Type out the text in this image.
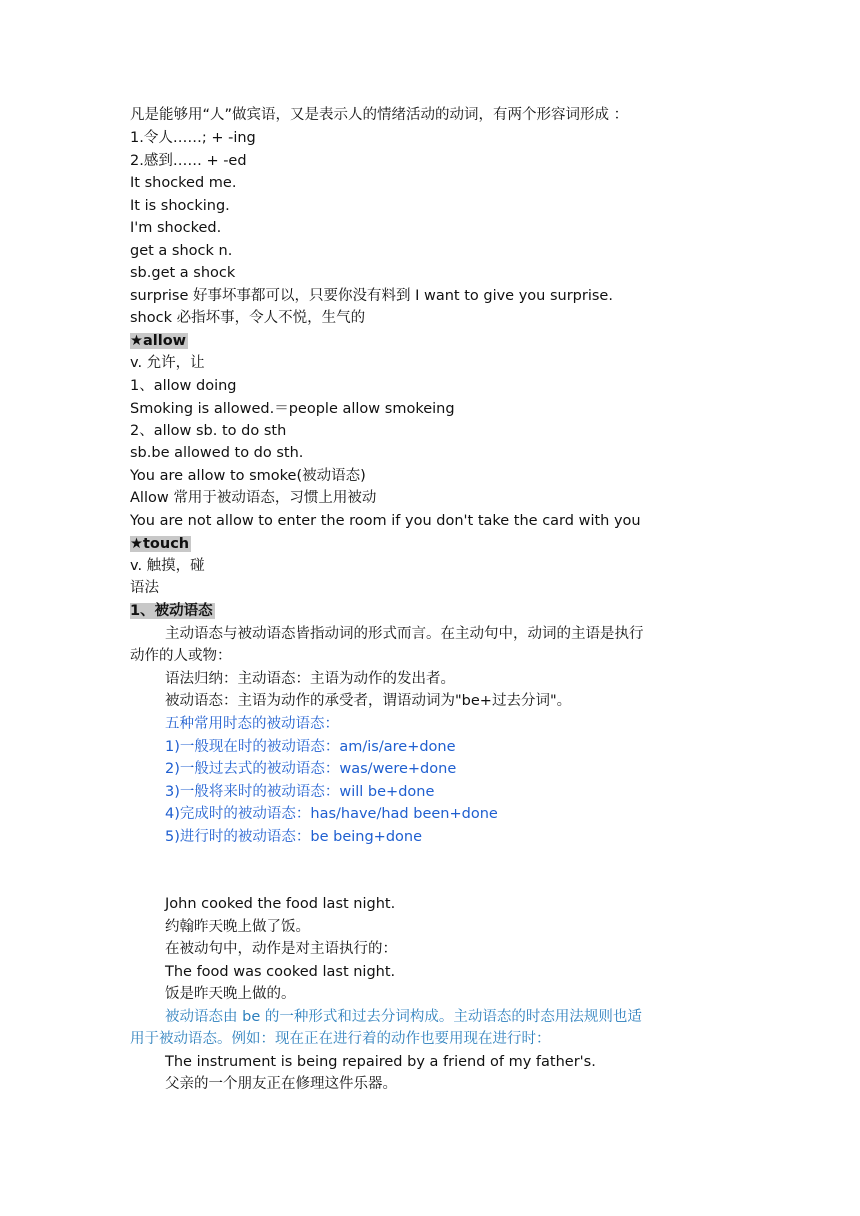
凡是能够用“人”做宾语，又是表示人的情绪活动的动词，有两个形容词形成 ：
1.令人……; + -ing
2.感到…… + -ed
It shocked me.
It is shocking.
I'm shocked.
get a shock n.
sb.get a shock
surprise 好事坏事都可以，只要你没有料到 I want to give you surprise.
shock 必指坏事，令人不悦，生气的
★allow
v. 允许，让
1、allow doing
Smoking is allowed.＝people allow smokeing
2、allow sb. to do sth
sb.be allowed to do sth.
You are allow to smoke(被动语态)
Allow 常用于被动语态，习惯上用被动
You are not allow to enter the room if you don't take the card with you
★touch
v. 触摸，碰
语法
1、被动语态
主动语态与被动语态皆指动词的形式而言。在主动句中，动词的主语是执行
动作的人或物：
语法归纳：主动语态：主语为动作的发出者。
被动语态：主语为动作的承受者，谓语动词为"be+过去分词"。
五种常用时态的被动语态：
1)一般现在时的被动语态：am/is/are+done
2)一般过去式的被动语态：was/were+done
3)一般将来时的被动语态：will be+done
4)完成时的被动语态：has/have/had been+done
5)进行时的被动语态：be being+done
John cooked the food last night.
约翰昨天晚上做了饭。
在被动句中，动作是对主语执行的：
The food was cooked last night.
饭是昨天晚上做的。
被动语态由 be 的一种形式和过去分词构成。主动语态的时态用法规则也适
用于被动语态。例如：现在正在进行着的动作也要用现在进行时：
The instrument is being repaired by a friend of my father's.
父亲的一个朋友正在修理这件乐器。
